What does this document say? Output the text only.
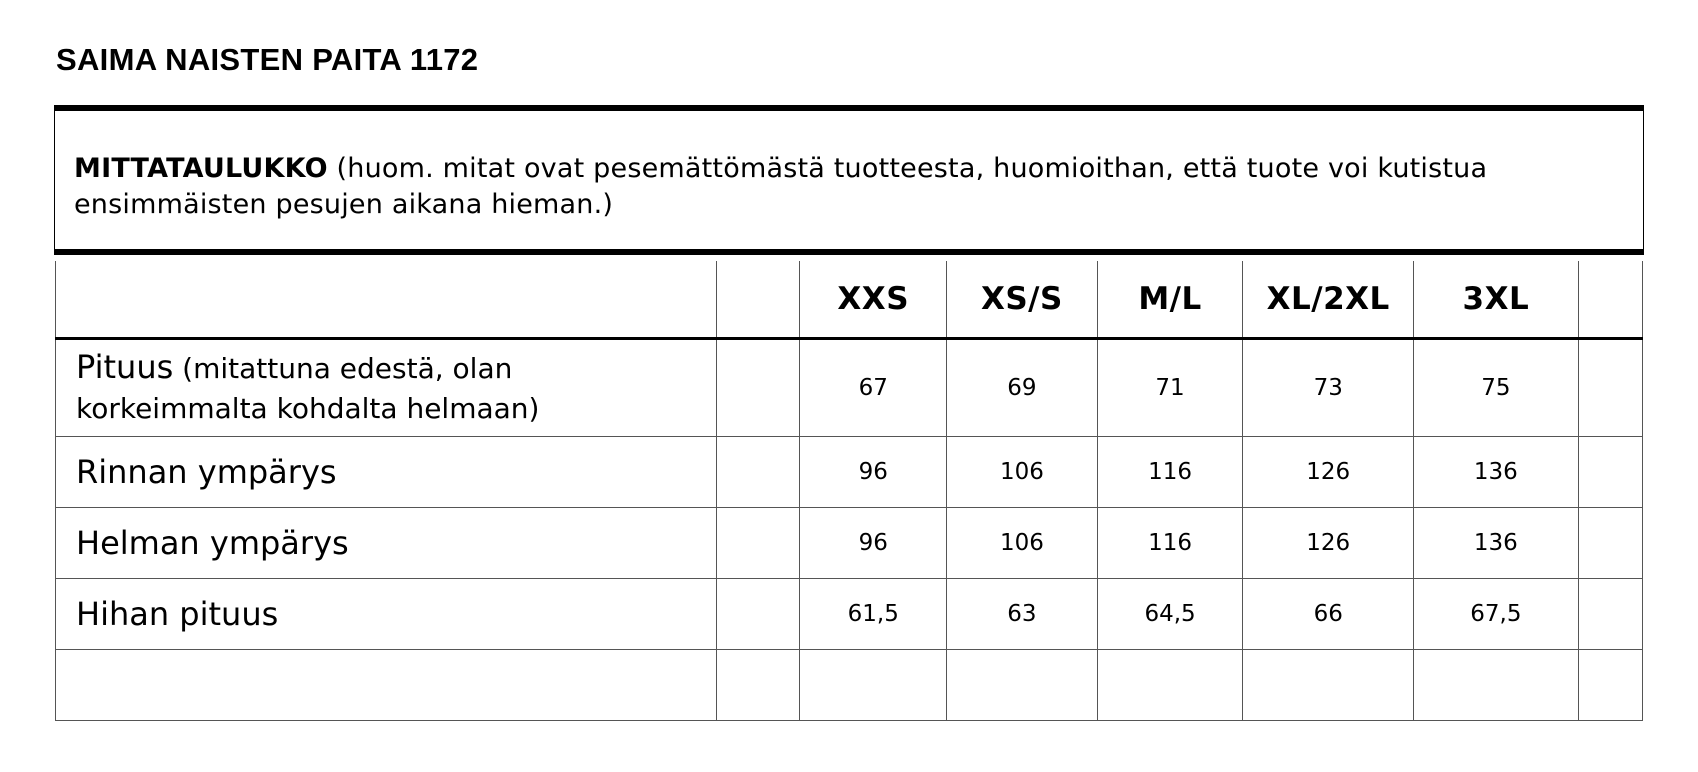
SAIMA NAISTEN PAITA 1172
MITTATAULUKKO (huom. mitat ovat pesemättömästä tuotteesta, huomioithan, että tuote voi kutistua
ensimmäisten pesujen aikana hieman.)
		XXS	XS/S	M/L	XL/2XL	3XL	
Pituus (mitattuna edestä, olan
korkeimmalta kohdalta helmaan)		67	69	71	73	75	
Rinnan ympärys		96	106	116	126	136	
Helman ympärys		96	106	116	126	136	
Hihan pituus		61,5	63	64,5	66	67,5	
